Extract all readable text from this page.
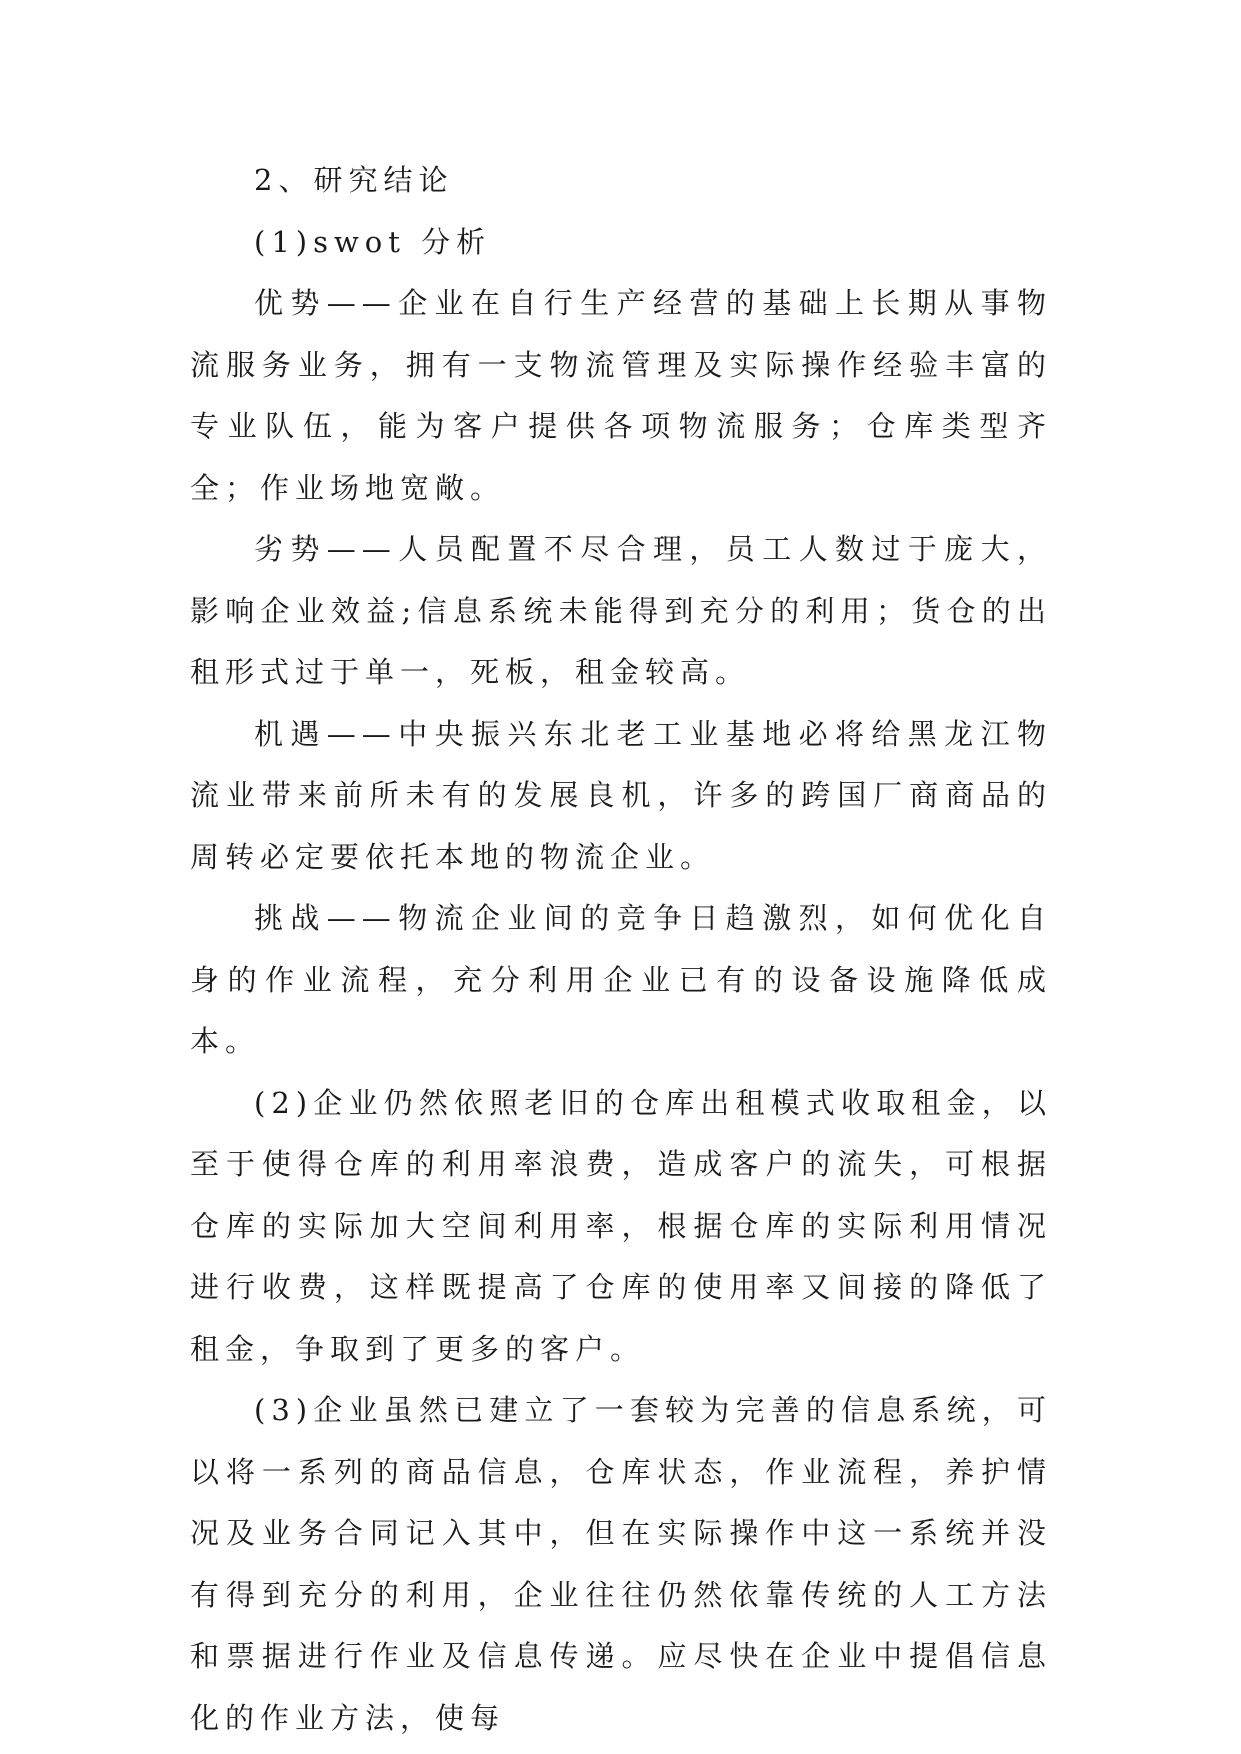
2、研究结论

(1)swot 分析

优势——企业在自行生产经营的基础上长期从事物流服务业务，拥有一支物流管理及实际操作经验丰富的专业队伍，能为客户提供各项物流服务；仓库类型齐全；作业场地宽敞。

劣势——人员配置不尽合理，员工人数过于庞大，影响企业效益;信息系统未能得到充分的利用；货仓的出租形式过于单一，死板，租金较高。

机遇——中央振兴东北老工业基地必将给黑龙江物流业带来前所未有的发展良机，许多的跨国厂商商品的周转必定要依托本地的物流企业。

挑战——物流企业间的竞争日趋激烈，如何优化自身的作业流程，充分利用企业已有的设备设施降低成本。

(2)企业仍然依照老旧的仓库出租模式收取租金，以至于使得仓库的利用率浪费，造成客户的流失，可根据仓库的实际加大空间利用率，根据仓库的实际利用情况进行收费，这样既提高了仓库的使用率又间接的降低了租金，争取到了更多的客户。

(3)企业虽然已建立了一套较为完善的信息系统，可以将一系列的商品信息，仓库状态，作业流程，养护情况及业务合同记入其中，但在实际操作中这一系统并没有得到充分的利用，企业往往仍然依靠传统的人工方法和票据进行作业及信息传递。应尽快在企业中提倡信息化的作业方法，使每
